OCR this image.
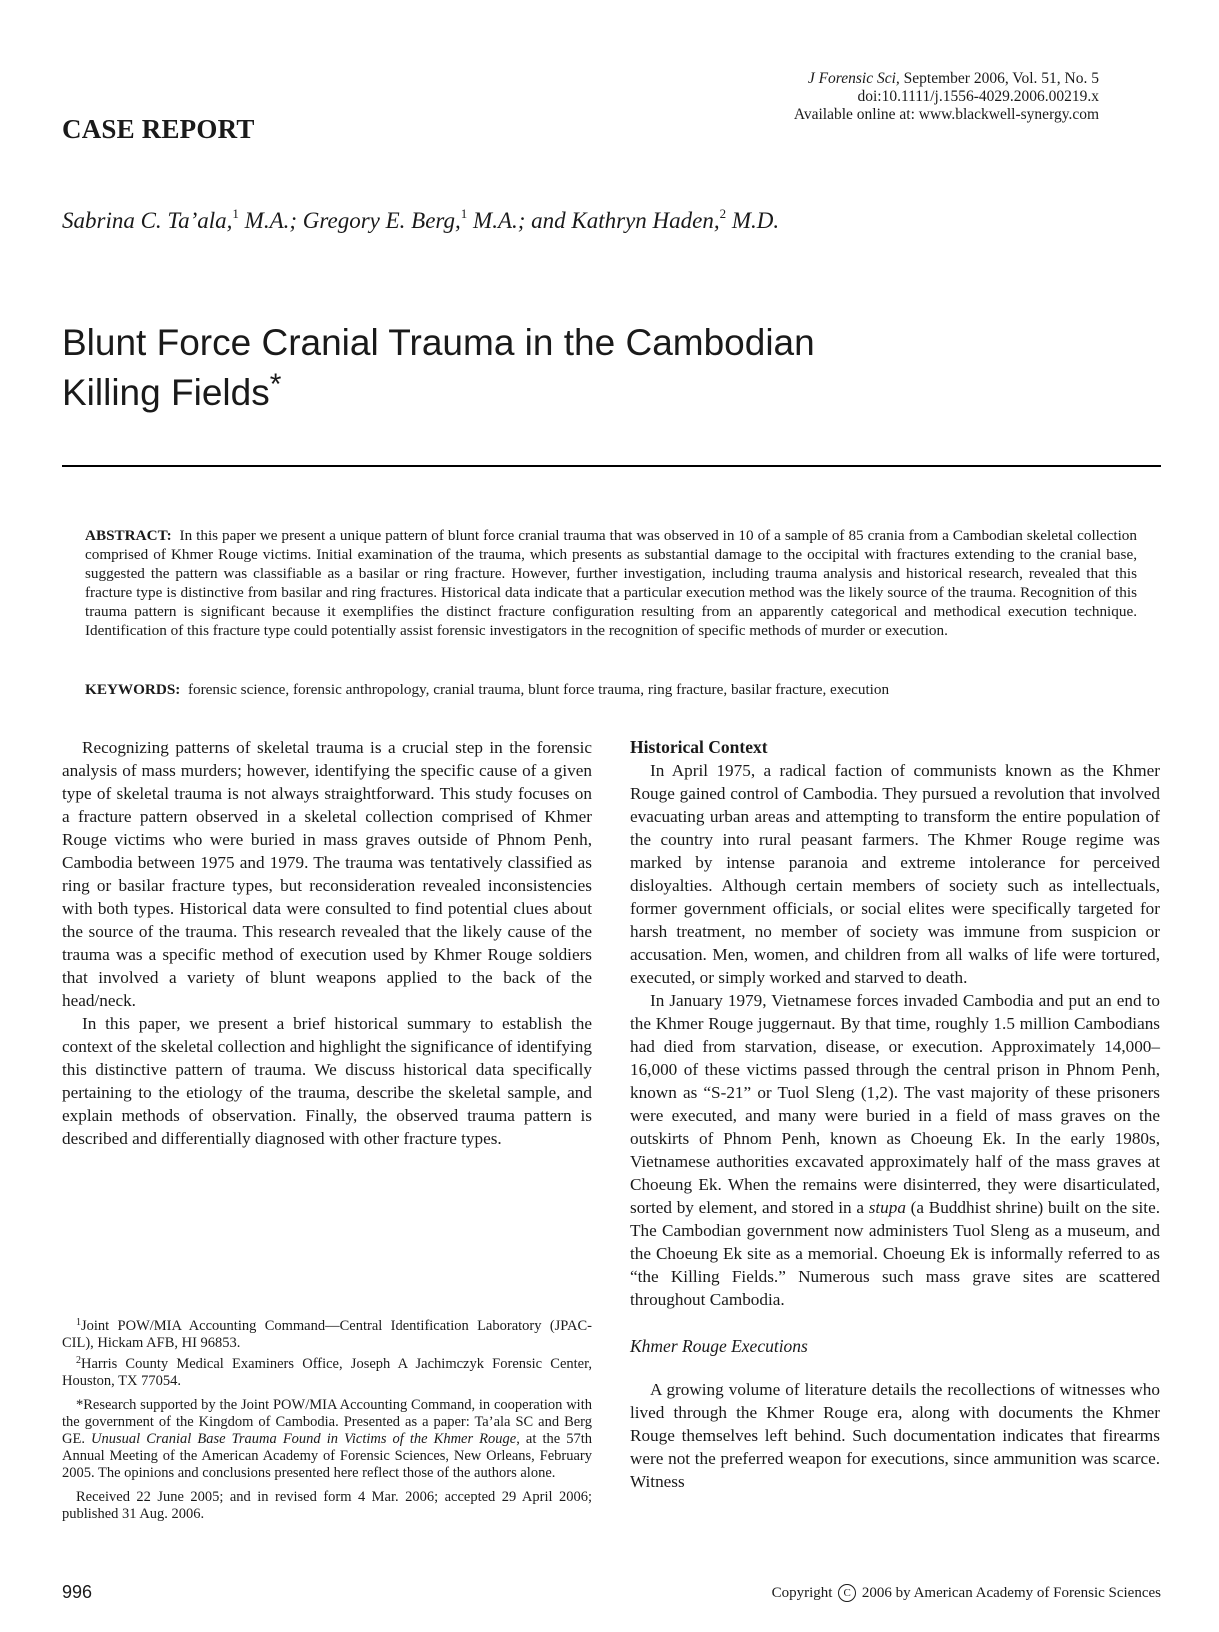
J Forensic Sci, September 2006, Vol. 51, No. 5
doi:10.1111/j.1556-4029.2006.00219.x
Available online at: www.blackwell-synergy.com
CASE REPORT
Sabrina C. Ta’ala,$^1$ M.A.; Gregory E. Berg,$^1$ M.A.; and Kathryn Haden,$^2$ M.D.
Blunt Force Cranial Trauma in the Cambodian
Killing Fields*
ABSTRACT: In this paper we present a unique pattern of blunt force cranial trauma that was observed in 10 of a sample of 85 crania from a Cambodian skeletal collection comprised of Khmer Rouge victims. Initial examination of the trauma, which presents as substantial damage to the occipital with fractures extending to the cranial base, suggested the pattern was classifiable as a basilar or ring fracture. However, further investigation, including trauma analysis and historical research, revealed that this fracture type is distinctive from basilar and ring fractures. Historical data indicate that a particular execution method was the likely source of the trauma. Recognition of this trauma pattern is significant because it exemplifies the distinct fracture configuration resulting from an apparently categorical and methodical execution technique. Identification of this fracture type could potentially assist forensic investigators in the recognition of specific methods of murder or execution.
KEYWORDS: forensic science, forensic anthropology, cranial trauma, blunt force trauma, ring fracture, basilar fracture, execution

Recognizing patterns of skeletal trauma is a crucial step in the forensic analysis of mass murders; however, identifying the specific cause of a given type of skeletal trauma is not always straightforward. This study focuses on a fracture pattern observed in a skeletal collection comprised of Khmer Rouge victims who were buried in mass graves outside of Phnom Penh, Cambodia between 1975 and 1979. The trauma was tentatively classified as ring or basilar fracture types, but reconsideration revealed inconsistencies with both types. Historical data were consulted to find potential clues about the source of the trauma. This research revealed that the likely cause of the trauma was a specific method of execution used by Khmer Rouge soldiers that involved a variety of blunt weapons applied to the back of the head/neck.

In this paper, we present a brief historical summary to establish the context of the skeletal collection and highlight the significance of identifying this distinctive pattern of trauma. We discuss historical data specifically pertaining to the etiology of the trauma, describe the skeletal sample, and explain methods of observation. Finally, the observed trauma pattern is described and differentially diagnosed with other fracture types.

$^1$Joint POW/MIA Accounting Command—Central Identification Laboratory (JPAC-CIL), Hickam AFB, HI 96853.

$^2$Harris County Medical Examiners Office, Joseph A Jachimczyk Forensic Center, Houston, TX 77054.

*Research supported by the Joint POW/MIA Accounting Command, in cooperation with the government of the Kingdom of Cambodia. Presented as a paper: Ta’ala SC and Berg GE. Unusual Cranial Base Trauma Found in Victims of the Khmer Rouge, at the 57th Annual Meeting of the American Academy of Forensic Sciences, New Orleans, February 2005. The opinions and conclusions presented here reflect those of the authors alone.

Received 22 June 2005; and in revised form 4 Mar. 2006; accepted 29 April 2006; published 31 Aug. 2006.

Historical Context

In April 1975, a radical faction of communists known as the Khmer Rouge gained control of Cambodia. They pursued a revolution that involved evacuating urban areas and attempting to transform the entire population of the country into rural peasant farmers. The Khmer Rouge regime was marked by intense paranoia and extreme intolerance for perceived disloyalties. Although certain members of society such as intellectuals, former government officials, or social elites were specifically targeted for harsh treatment, no member of society was immune from suspicion or accusation. Men, women, and children from all walks of life were tortured, executed, or simply worked and starved to death.

In January 1979, Vietnamese forces invaded Cambodia and put an end to the Khmer Rouge juggernaut. By that time, roughly 1.5 million Cambodians had died from starvation, disease, or execution. Approximately 14,000–16,000 of these victims passed through the central prison in Phnom Penh, known as “S-21” or Tuol Sleng (1,2). The vast majority of these prisoners were executed, and many were buried in a field of mass graves on the outskirts of Phnom Penh, known as Choeung Ek. In the early 1980s, Vietnamese authorities excavated approximately half of the mass graves at Choeung Ek. When the remains were disinterred, they were disarticulated, sorted by element, and stored in a stupa (a Buddhist shrine) built on the site. The Cambodian government now administers Tuol Sleng as a museum, and the Choeung Ek site as a memorial. Choeung Ek is informally referred to as “the Killing Fields.” Numerous such mass grave sites are scattered throughout Cambodia.

Khmer Rouge Executions

A growing volume of literature details the recollections of witnesses who lived through the Khmer Rouge era, along with documents the Khmer Rouge themselves left behind. Such documentation indicates that firearms were not the preferred weapon for executions, since ammunition was scarce. Witness

996	Copyright C 2006 by American Academy of Forensic Sciences
